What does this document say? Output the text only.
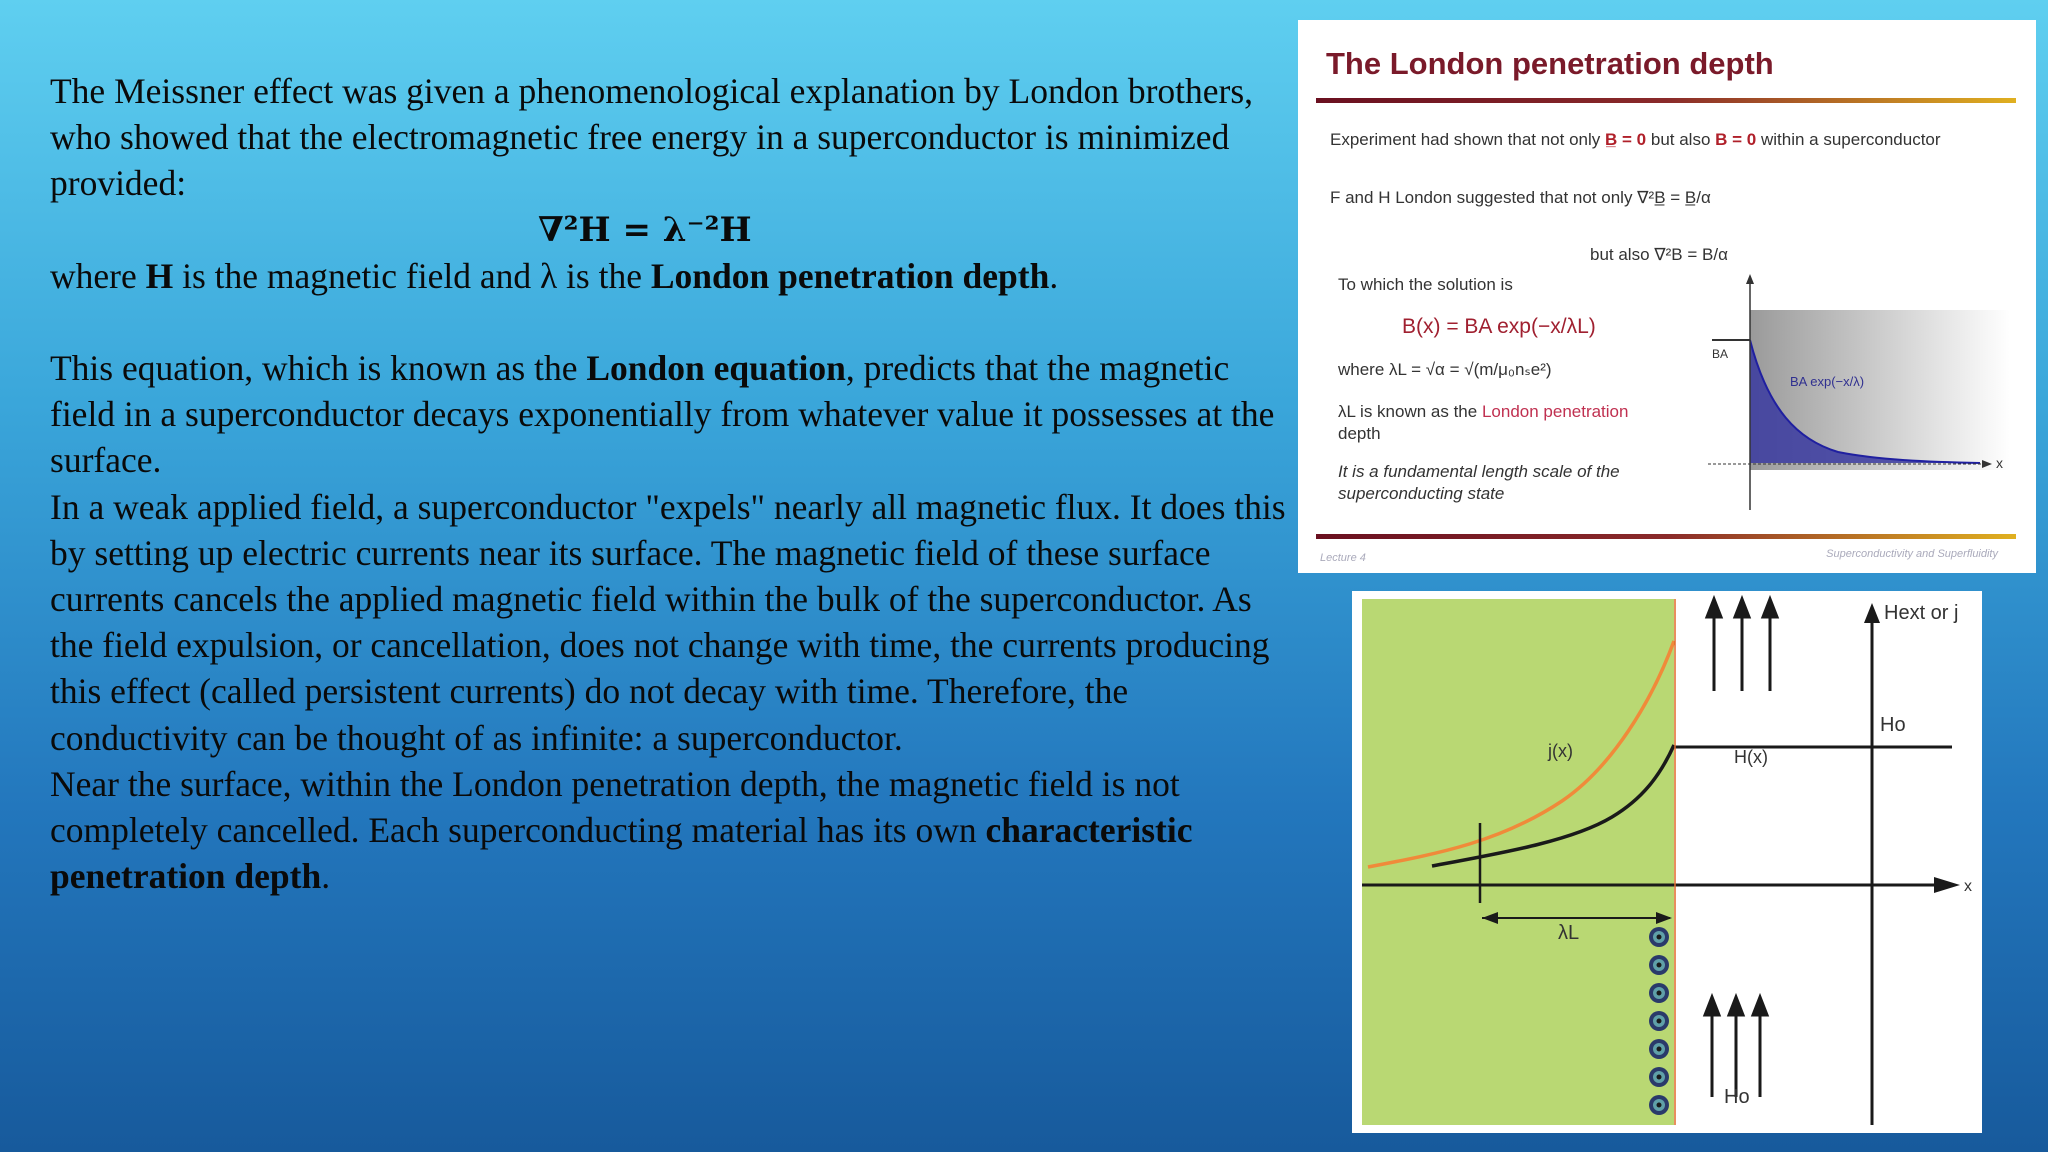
The Meissner effect was given a phenomenological explanation by London brothers, who showed that the electromagnetic free energy in a superconductor is minimized provided:

∇²H = λ⁻²H

where H is the magnetic field and λ is the London penetration depth.

This equation, which is known as the London equation, predicts that the magnetic field in a superconductor decays exponentially from whatever value it possesses at the surface.

In a weak applied field, a superconductor "expels" nearly all magnetic flux. It does this by setting up electric currents near its surface. The magnetic field of these surface currents cancels the applied magnetic field within the bulk of the superconductor. As the field expulsion, or cancellation, does not change with time, the currents producing this effect (called persistent currents) do not decay with time. Therefore, the conductivity can be thought of as infinite: a superconductor.

Near the surface, within the London penetration depth, the magnetic field is not completely cancelled. Each superconducting material has its own characteristic penetration depth.

The London penetration depth
Experiment had shown that not only B̲ = 0 but also B = 0 within a superconductor
F and H London suggested that not only ∇²B̲ = B̲/α
but also ∇²B = B/α
To which the solution is
B(x) = BA exp(−x/λL)
where λL = √α = √(m/μ₀nₛe²)
λL is known as the London penetration
depth
It is a fundamental length scale of the
superconducting state
BA
BA exp(−x/λ)
x
Lecture 4	Superconductivity and Superfluidity
j(x)	H(x)
Hext or j
Ho
Ho
λL
x
